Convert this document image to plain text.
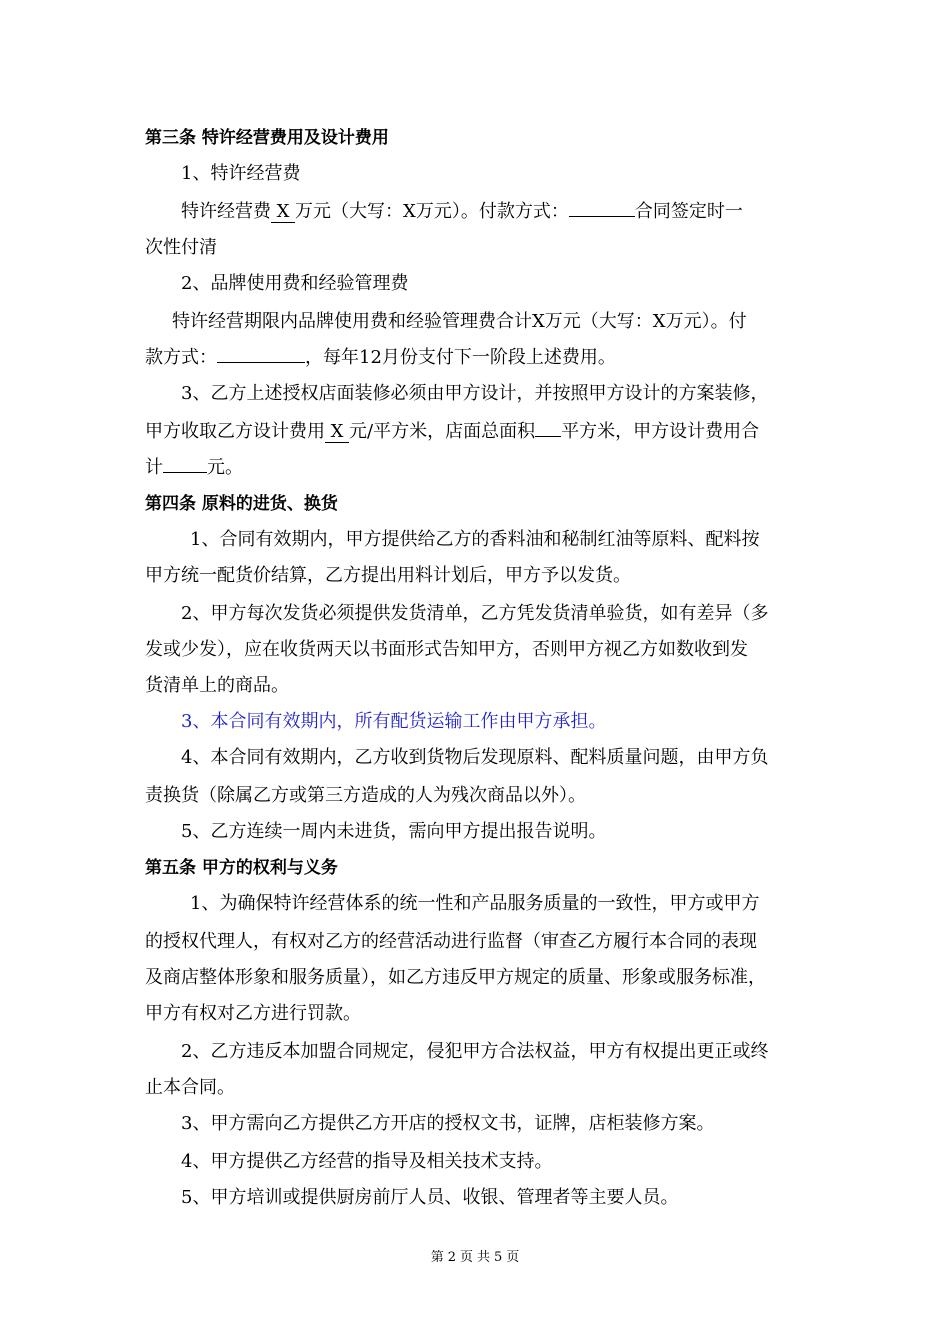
第三条 特许经营费用及设计费用
1、特许经营费
特许经营费 X 万元（大写：X万元）。付款方式：	合同签定时一
次性付清
2、品牌使用费和经验管理费
特许经营期限内品牌使用费和经验管理费合计X万元（大写：X万元）。付
款方式：	，每年12月份支付下一阶段上述费用。
3、乙方上述授权店面装修必须由甲方设计，并按照甲方设计的方案装修，
甲方收取乙方设计费用 X 元/平方米，店面总面积 平方米，甲方设计费用合
计 元。
第四条 原料的进货、换货
1、合同有效期内，甲方提供给乙方的香料油和秘制红油等原料、配料按
甲方统一配货价结算，乙方提出用料计划后，甲方予以发货。
2、甲方每次发货必须提供发货清单，乙方凭发货清单验货，如有差异（多
发或少发），应在收货两天以书面形式告知甲方，否则甲方视乙方如数收到发
货清单上的商品。
3、本合同有效期内，所有配货运输工作由甲方承担。
4、本合同有效期内，乙方收到货物后发现原料、配料质量问题，由甲方负
责换货（除属乙方或第三方造成的人为残次商品以外）。
5、乙方连续一周内未进货，需向甲方提出报告说明。
第五条 甲方的权利与义务
1、为确保特许经营体系的统一性和产品服务质量的一致性，甲方或甲方
的授权代理人，有权对乙方的经营活动进行监督（审查乙方履行本合同的表现
及商店整体形象和服务质量），如乙方违反甲方规定的质量、形象或服务标准，
甲方有权对乙方进行罚款。
2、乙方违反本加盟合同规定，侵犯甲方合法权益，甲方有权提出更正或终
止本合同。
3、甲方需向乙方提供乙方开店的授权文书，证牌，店柜装修方案。
4、甲方提供乙方经营的指导及相关技术支持。
5、甲方培训或提供厨房前厅人员、收银、管理者等主要人员。
第 2 页 共 5 页
